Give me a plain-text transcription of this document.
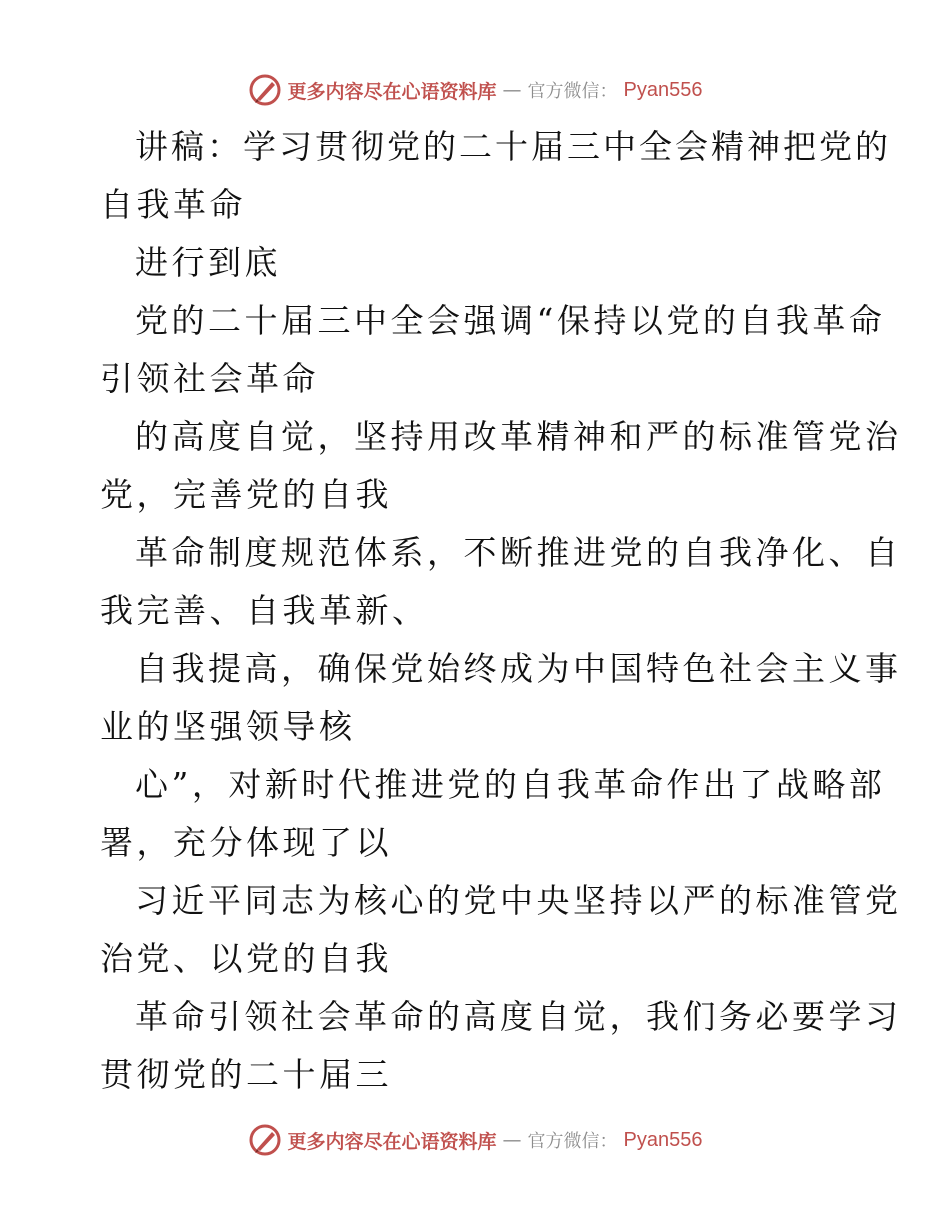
更多内容尽在心语资料库 — 官方微信： Pyan556
讲稿：学习贯彻党的二十届三中全会精神把党的
自我革命
进行到底
党的二十届三中全会强调“保持以党的自我革命
引领社会革命
的高度自觉，坚持用改革精神和严的标准管党治
党，完善党的自我
革命制度规范体系，不断推进党的自我净化、自
我完善、自我革新、
自我提高，确保党始终成为中国特色社会主义事
业的坚强领导核
心”，对新时代推进党的自我革命作出了战略部
署，充分体现了以
习近平同志为核心的党中央坚持以严的标准管党
治党、以党的自我
革命引领社会革命的高度自觉，我们务必要学习
贯彻党的二十届三
更多内容尽在心语资料库 — 官方微信： Pyan556
